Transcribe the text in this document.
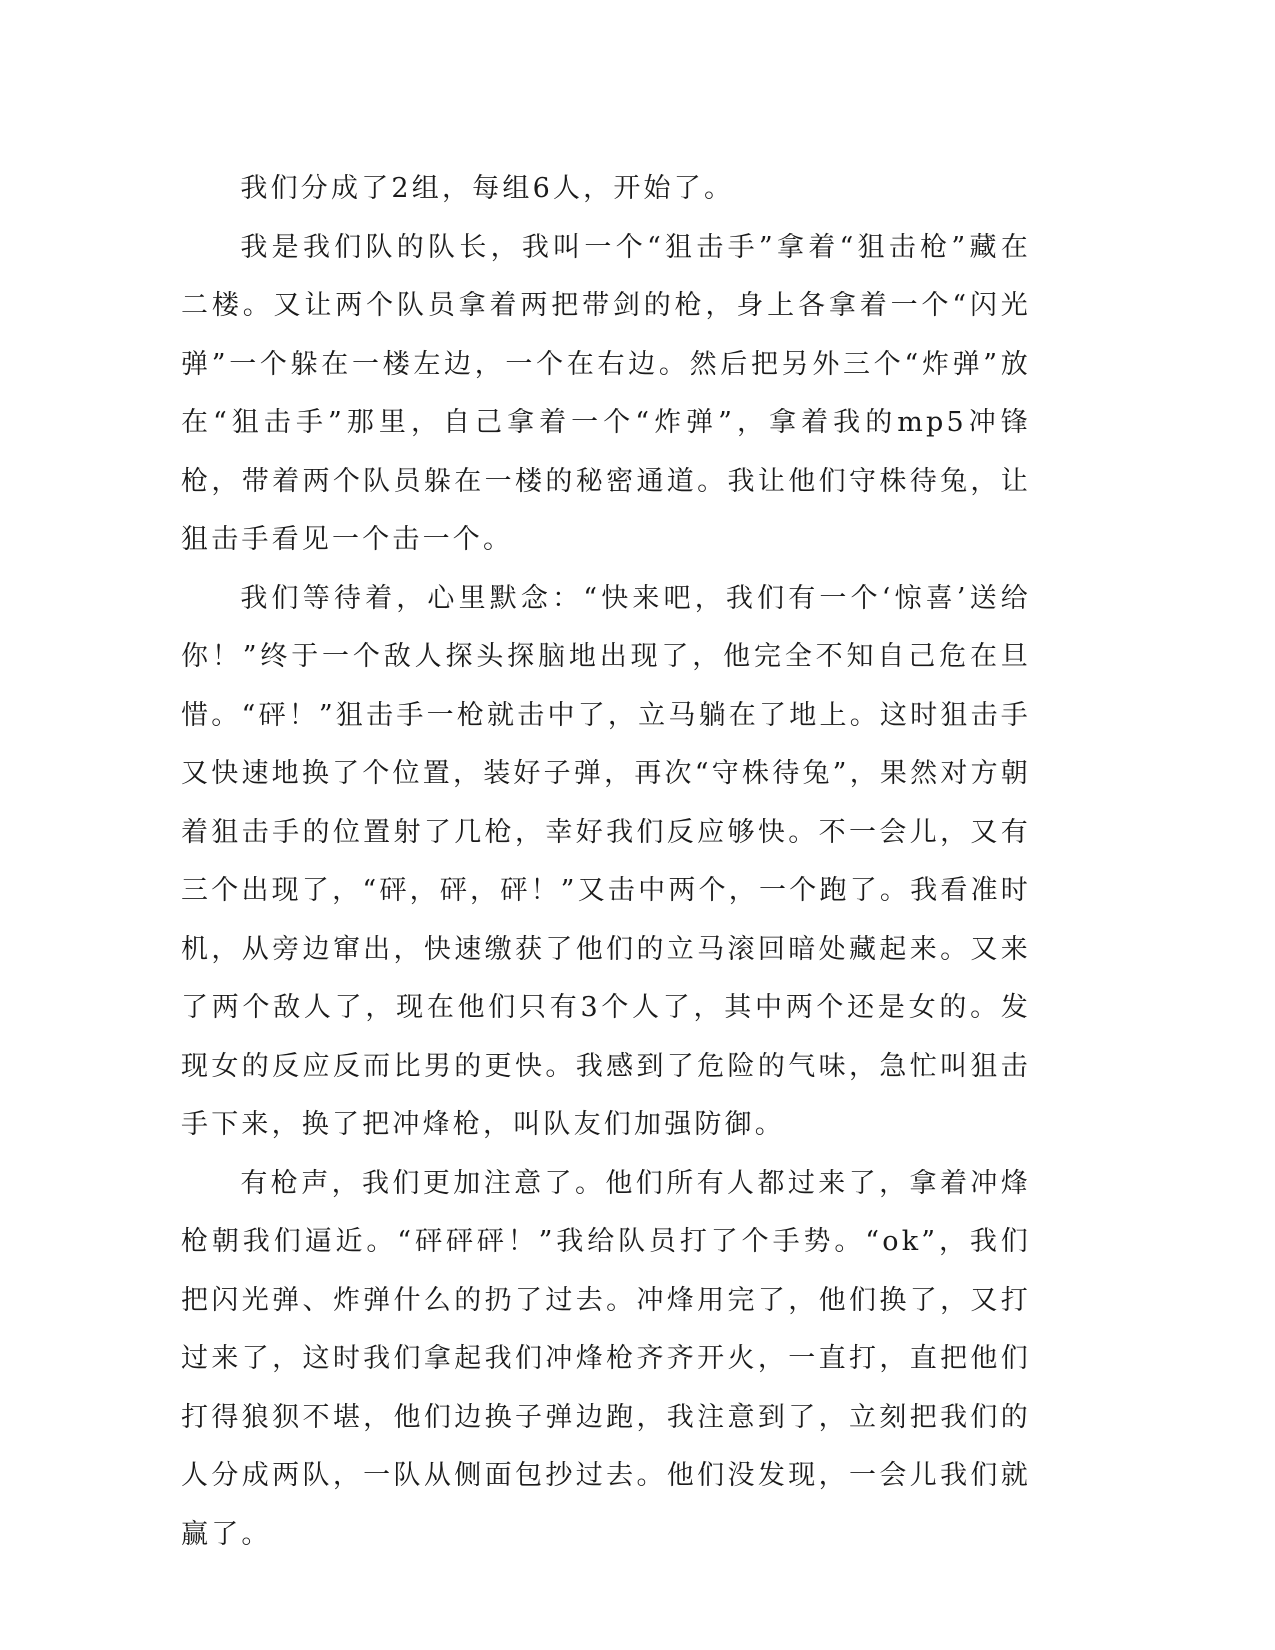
我们分成了2组，每组6人，开始了。

我是我们队的队长，我叫一个“狙击手”拿着“狙击枪”藏在二楼。又让两个队员拿着两把带剑的枪，身上各拿着一个“闪光弹”一个躲在一楼左边，一个在右边。然后把另外三个“炸弹”放在“狙击手”那里，自己拿着一个“炸弹”，拿着我的mp5冲锋枪，带着两个队员躲在一楼的秘密通道。我让他们守株待兔，让狙击手看见一个击一个。

我们等待着，心里默念：“快来吧，我们有一个‘惊喜’送给你！”终于一个敌人探头探脑地出现了，他完全不知自己危在旦惜。“砰！”狙击手一枪就击中了，立马躺在了地上。这时狙击手又快速地换了个位置，装好子弹，再次“守株待兔”，果然对方朝着狙击手的位置射了几枪，幸好我们反应够快。不一会儿，又有三个出现了，“砰，砰，砰！”又击中两个，一个跑了。我看准时机，从旁边窜出，快速缴获了他们的立马滚回暗处藏起来。又来了两个敌人了，现在他们只有3个人了，其中两个还是女的。发现女的反应反而比男的更快。我感到了危险的气味，急忙叫狙击手下来，换了把冲烽枪，叫队友们加强防御。

有枪声，我们更加注意了。他们所有人都过来了，拿着冲烽枪朝我们逼近。“砰砰砰！”我给队员打了个手势。“ok”，我们把闪光弹、炸弹什么的扔了过去。冲烽用完了，他们换了，又打过来了，这时我们拿起我们冲烽枪齐齐开火，一直打，直把他们打得狼狈不堪，他们边换子弹边跑，我注意到了，立刻把我们的人分成两队，一队从侧面包抄过去。他们没发现，一会儿我们就赢了。
